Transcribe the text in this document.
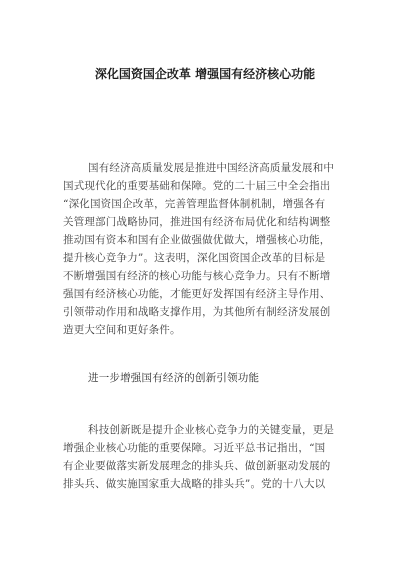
深化国资国企改革 增强国有经济核心功能
国有经济高质量发展是推进中国经济高质量发展和中
国式现代化的重要基础和保障。党的二十届三中全会指出
“深化国资国企改革，完善管理监督体制机制，增强各有
关管理部门战略协同，推进国有经济布局优化和结构调整
推动国有资本和国有企业做强做优做大，增强核心功能，
提升核心竞争力”。这表明，深化国资国企改革的目标是
不断增强国有经济的核心功能与核心竞争力。只有不断增
强国有经济核心功能，才能更好发挥国有经济主导作用、
引领带动作用和战略支撑作用，为其他所有制经济发展创
造更大空间和更好条件。
进一步增强国有经济的创新引领功能
科技创新既是提升企业核心竞争力的关键变量，更是
增强企业核心功能的重要保障。习近平总书记指出，“国
有企业要做落实新发展理念的排头兵、做创新驱动发展的
排头兵、做实施国家重大战略的排头兵”。党的十八大以
